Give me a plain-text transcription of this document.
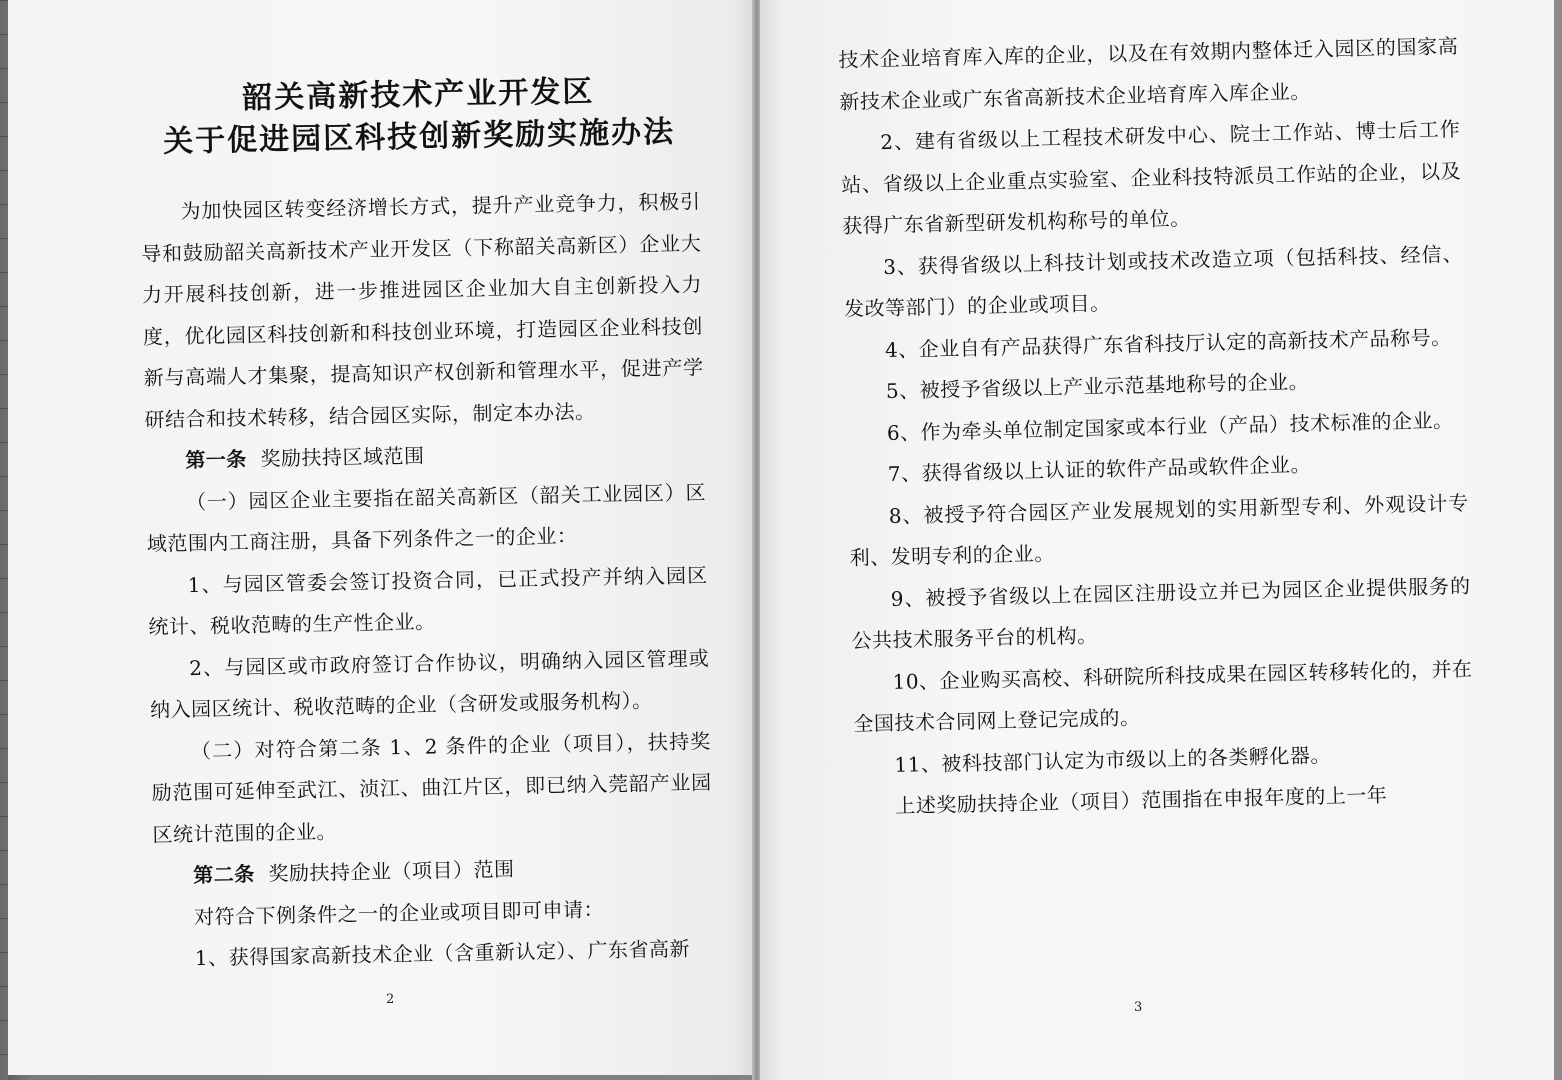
韶关高新技术产业开发区
关于促进园区科技创新奖励实施办法

为加快园区转变经济增长方式，提升产业竞争力，积极引导和鼓励韶关高新技术产业开发区（下称韶关高新区）企业大力开展科技创新，进一步推进园区企业加大自主创新投入力度，优化园区科技创新和科技创业环境，打造园区企业科技创新与高端人才集聚，提高知识产权创新和管理水平，促进产学研结合和技术转移，结合园区实际，制定本办法。

第一条 奖励扶持区域范围

（一）园区企业主要指在韶关高新区（韶关工业园区）区域范围内工商注册，具备下列条件之一的企业：

1、与园区管委会签订投资合同，已正式投产并纳入园区统计、税收范畴的生产性企业。

2、与园区或市政府签订合作协议，明确纳入园区管理或纳入园区统计、税收范畴的企业（含研发或服务机构）。

（二）对符合第二条 1、2 条件的企业（项目），扶持奖励范围可延伸至武江、浈江、曲江片区，即已纳入莞韶产业园区统计范围的企业。

第二条 奖励扶持企业（项目）范围

对符合下例条件之一的企业或项目即可申请：

1、获得国家高新技术企业（含重新认定）、广东省高新

2

技术企业培育库入库的企业，以及在有效期内整体迁入园区的国家高新技术企业或广东省高新技术企业培育库入库企业。

2、建有省级以上工程技术研发中心、院士工作站、博士后工作站、省级以上企业重点实验室、企业科技特派员工作站的企业，以及获得广东省新型研发机构称号的单位。

3、获得省级以上科技计划或技术改造立项（包括科技、经信、发改等部门）的企业或项目。

4、企业自有产品获得广东省科技厅认定的高新技术产品称号。

5、被授予省级以上产业示范基地称号的企业。

6、作为牵头单位制定国家或本行业（产品）技术标准的企业。

7、获得省级以上认证的软件产品或软件企业。

8、被授予符合园区产业发展规划的实用新型专利、外观设计专利、发明专利的企业。

9、被授予省级以上在园区注册设立并已为园区企业提供服务的公共技术服务平台的机构。

10、企业购买高校、科研院所科技成果在园区转移转化的，并在全国技术合同网上登记完成的。

11、被科技部门认定为市级以上的各类孵化器。

上述奖励扶持企业（项目）范围指在申报年度的上一年

3
